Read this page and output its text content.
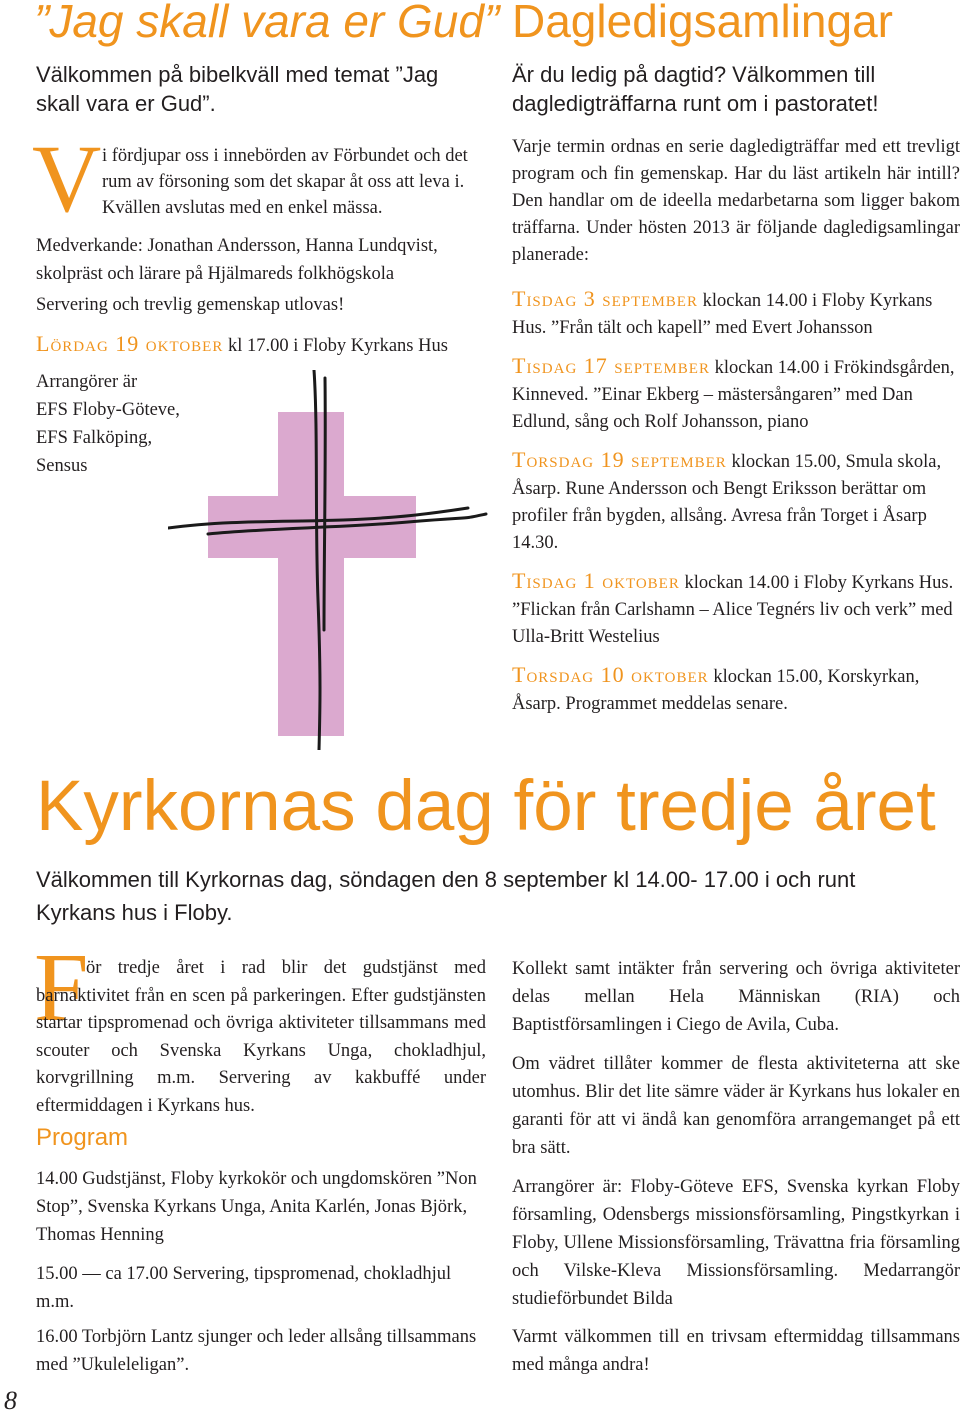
”Jag skall vara er Gud”
Välkommen på bibelkväll med temat ”Jag skall vara er Gud”.
V i fördjupar oss i innebörden av Förbundet och det rum av försoning som det skapar åt oss att leva i. Kvällen avslutas med en enkel mässa.

Medverkande: Jonathan Andersson, Hanna Lundqvist, skolpräst och lärare på Hjälmareds folkhögskola

Servering och trevlig gemenskap utlovas!

Lördag 19 oktober kl 17.00 i Floby Kyrkans Hus

Arrangörer är
EFS Floby-Göteve,
EFS Falköping,
Sensus
Dagledigsamlingar
Är du ledig på dagtid? Välkommen till dagledigträffarna runt om i pastoratet!

Varje termin ordnas en serie dagledigträffar med ett trevligt program och fin gemenskap. Har du läst artikeln här intill? Den handlar om de ideella medarbetarna som ligger bakom träffarna. Under hösten 2013 är följande dagledigsamlingar planerade:

Tisdag 3 september klockan 14.00 i Floby Kyrkans Hus. ”Från tält och kapell” med Evert Johansson

Tisdag 17 september klockan 14.00 i Frökindsgården, Kinneved. ”Einar Ekberg – mästersångaren” med Dan Edlund, sång och Rolf Johansson, piano

Torsdag 19 september klockan 15.00, Smula skola, Åsarp. Rune Andersson och Bengt Eriksson berättar om profiler från bygden, allsång. Avresa från Torget i Åsarp 14.30.

Tisdag 1 oktober klockan 14.00 i Floby Kyrkans Hus. ”Flickan från Carlshamn – Alice Tegnérs liv och verk” med Ulla-Britt Westelius

Torsdag 10 oktober klockan 15.00, Korskyrkan, Åsarp. Programmet meddelas senare.

Kyrkornas dag för tredje året
Välkommen till Kyrkornas dag, söndagen den 8 september kl 14.00- 17.00 i och runt Kyrkans hus i Floby.
F

ör tredje året i rad blir det gudstjänst med barnaktivitet från en scen på parkeringen. Efter gudstjänsten startar tipspromenad och övriga aktiviteter tillsammans med scouter och Svenska Kyrkans Unga, chokladhjul, korvgrillning m.m. Servering av kakbuffé under eftermiddagen i Kyrkans hus.

Program

14.00 Gudstjänst, Floby kyrkokör och ungdomskören ”Non Stop”, Svenska Kyrkans Unga, Anita Karlén, Jonas Björk, Thomas Henning

15.00 — ca 17.00 Servering, tipspromenad, chokladhjul m.m.

16.00 Torbjörn Lantz sjunger och leder allsång tillsammans med ”Ukuleleligan”.

Kollekt samt intäkter från servering och övriga aktiviteter delas mellan Hela Människan (RIA) och Baptistförsamlingen i Ciego de Avila, Cuba.

Om vädret tillåter kommer de flesta aktiviteterna att ske utomhus. Blir det lite sämre väder är Kyrkans hus lokaler en garanti för att vi ändå kan genomföra arrangemanget på ett bra sätt.

Arrangörer är: Floby-Göteve EFS, Svenska kyrkan Floby församling, Odensbergs missionsförsamling, Pingstkyrkan i Floby, Ullene Missionsförsamling, Trävattna fria församling och Vilske-Kleva Missionsförsamling. Medarrangör studieförbundet Bilda

Varmt välkommen till en trivsam eftermiddag tillsammans med många andra!

8
